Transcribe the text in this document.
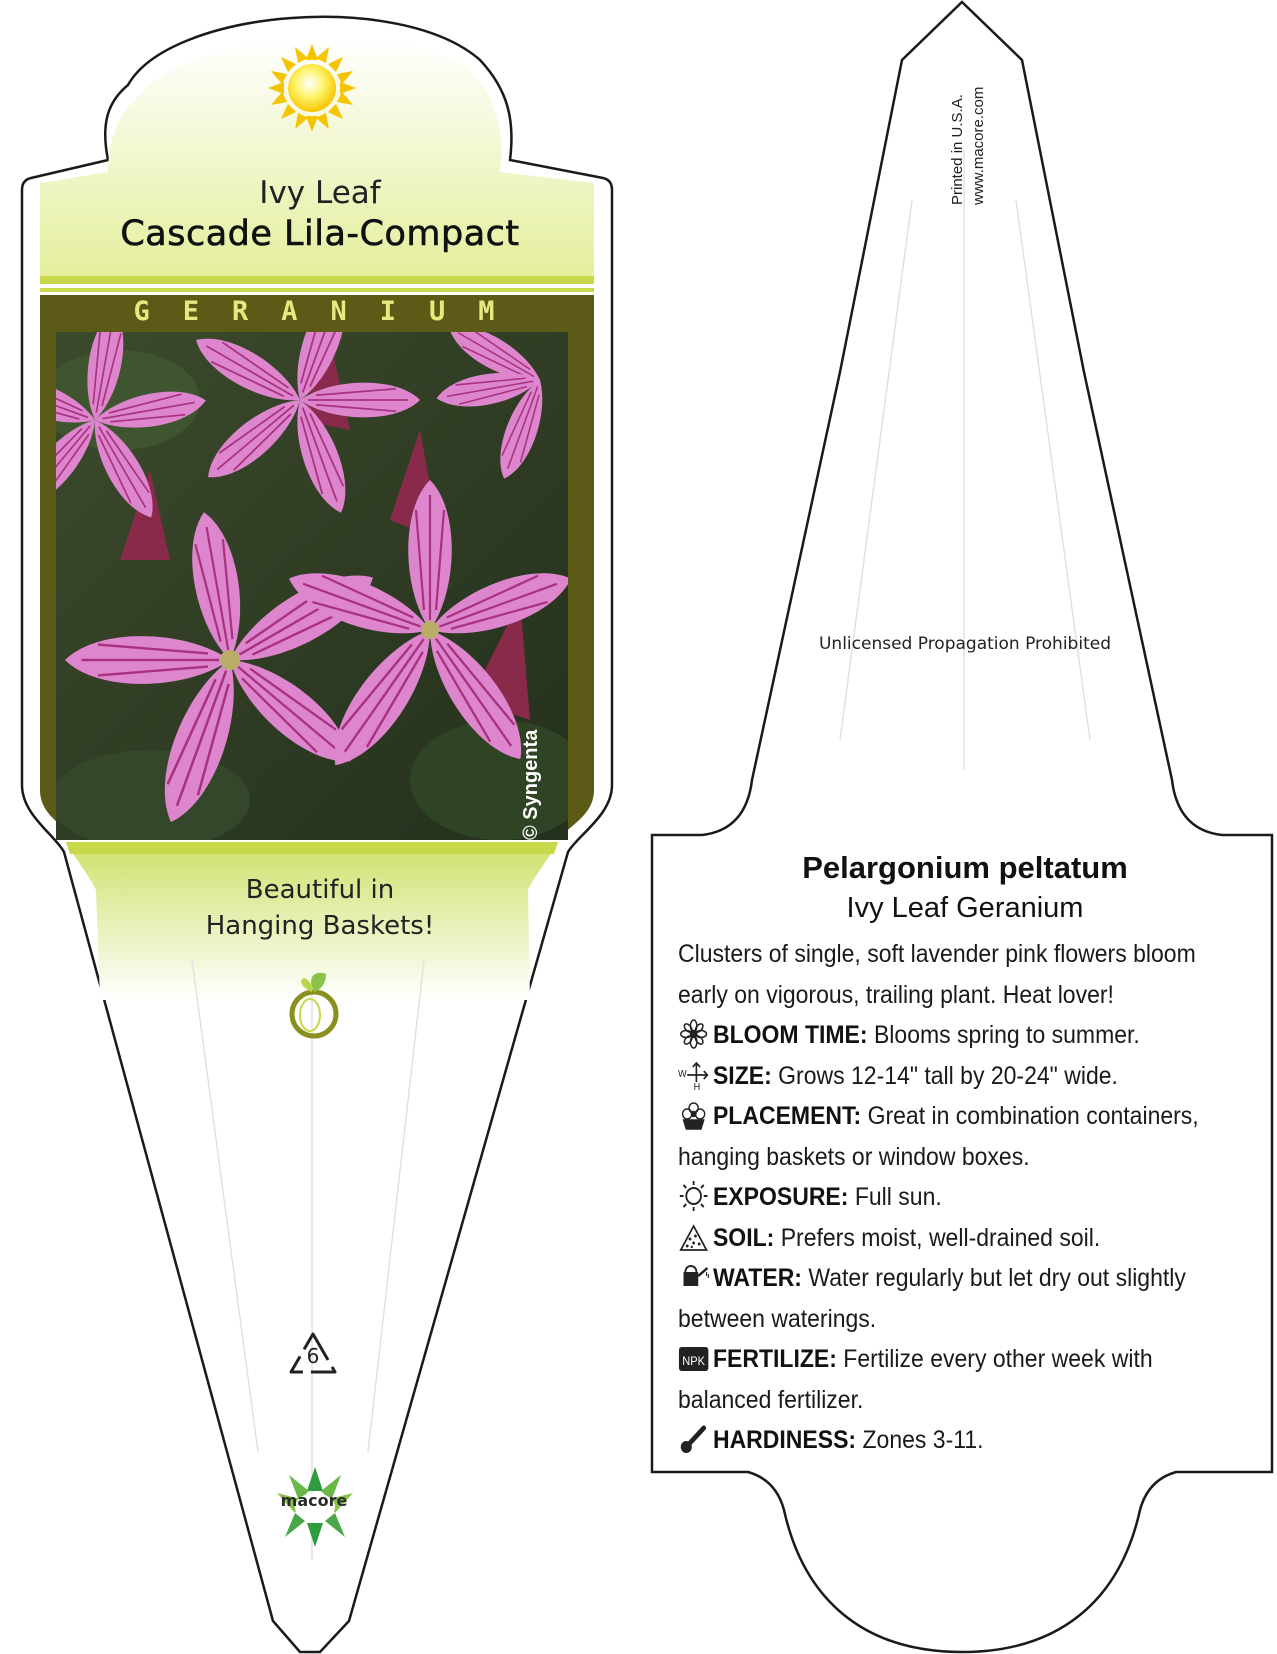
Ivy Leaf
Cascade Lila-Compact
GERANIUM
© Syngenta
Beautiful in
Hanging Baskets!
6
macore
Printed in U.S.A. www.macore.com
Unlicensed Propagation Prohibited
Pelargonium peltatum
Ivy Leaf Geranium

Clusters of single, soft lavender pink flowers bloom early on vigorous, trailing plant. Heat lover!

BLOOM TIME: Blooms spring to summer.

W
H SIZE: Grows 12-14" tall by 20-24" wide.

PLACEMENT: Great in combination containers, hanging baskets or window boxes.

EXPOSURE: Full sun.

SOIL: Prefers moist, well-drained soil.

WATER: Water regularly but let dry out slightly between waterings.

NPK FERTILIZE: Fertilize every other week with balanced fertilizer.

HARDINESS: Zones 3-11.
